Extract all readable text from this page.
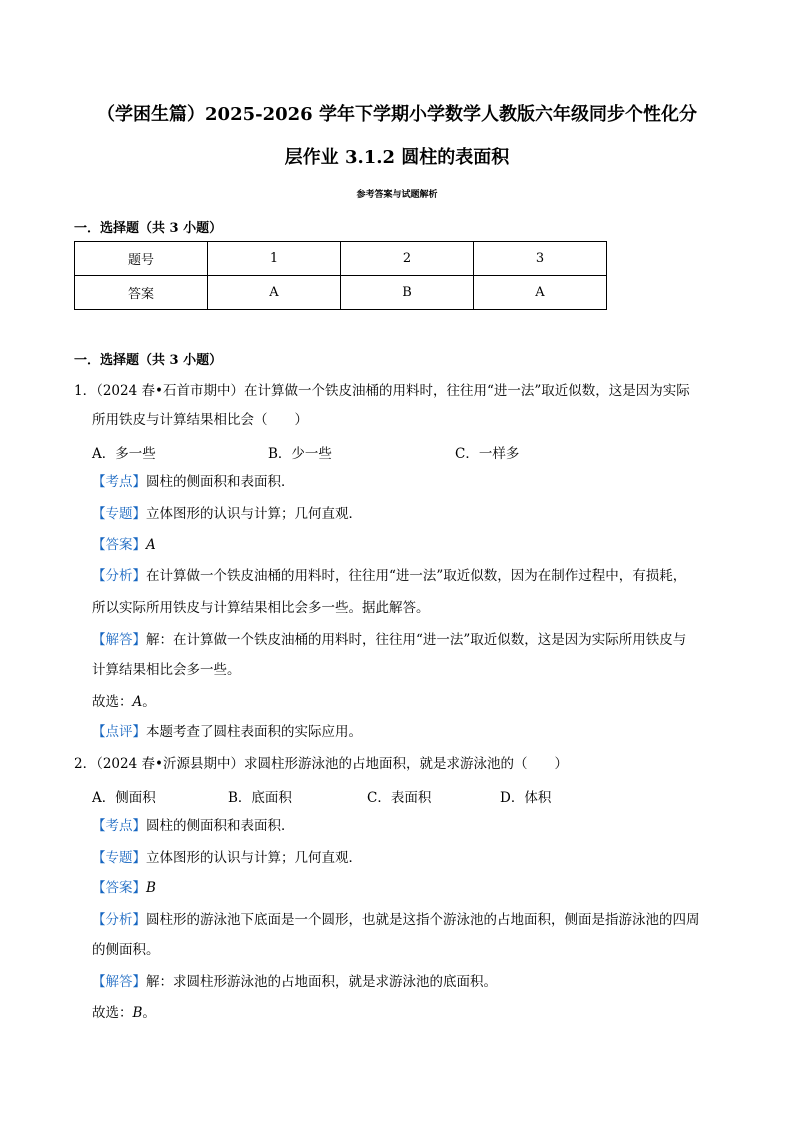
（学困生篇）2025-2026 学年下学期小学数学人教版六年级同步个性化分
层作业 3.1.2 圆柱的表面积
参考答案与试题解析
一．选择题（共 3 小题）
题号	1	2	3
答案	A	B	A
一．选择题（共 3 小题）
1．（2024 春•石首市期中）在计算做一个铁皮油桶的用料时，往往用“进一法”取近似数，这是因为实际
所用铁皮与计算结果相比会（　　）
A．多一些	B．少一些	C．一样多
【考点】圆柱的侧面积和表面积．
【专题】立体图形的认识与计算；几何直观．
【答案】A
【分析】在计算做一个铁皮油桶的用料时，往往用“进一法”取近似数，因为在制作过程中，有损耗，
所以实际所用铁皮与计算结果相比会多一些。据此解答。
【解答】解：在计算做一个铁皮油桶的用料时，往往用“进一法”取近似数，这是因为实际所用铁皮与
计算结果相比会多一些。
故选：A。
【点评】本题考查了圆柱表面积的实际应用。
2．（2024 春•沂源县期中）求圆柱形游泳池的占地面积，就是求游泳池的（　　）
A．侧面积	B．底面积	C．表面积	D．体积
【考点】圆柱的侧面积和表面积．
【专题】立体图形的认识与计算；几何直观．
【答案】B
【分析】圆柱形的游泳池下底面是一个圆形，也就是这指个游泳池的占地面积，侧面是指游泳池的四周
的侧面积。
【解答】解：求圆柱形游泳池的占地面积，就是求游泳池的底面积。
故选：B。
